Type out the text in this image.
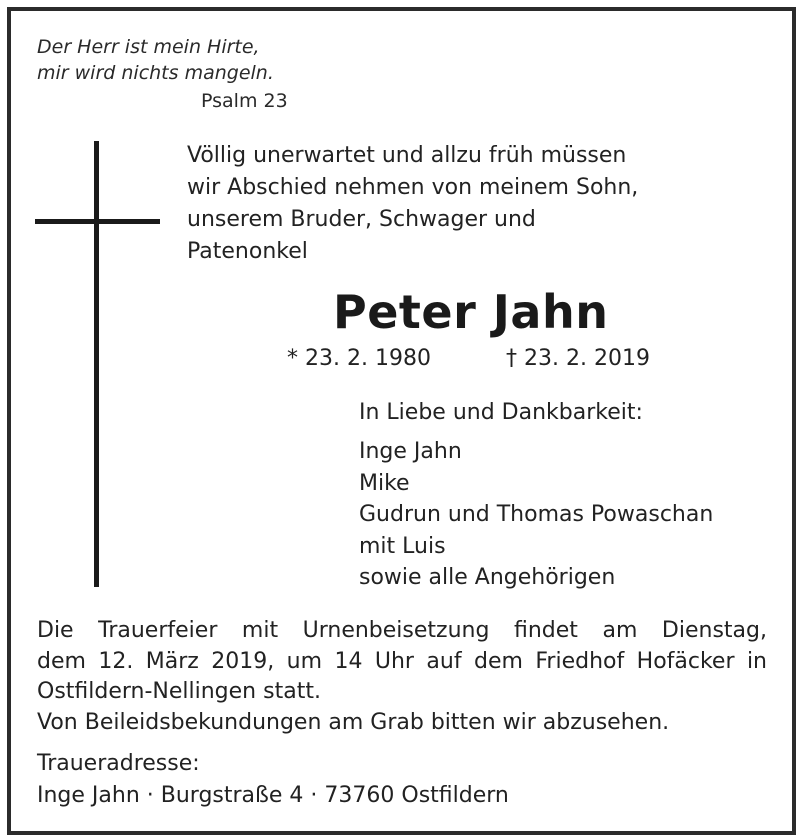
Der Herr ist mein Hirte,
mir wird nichts mangeln.
Psalm 23
Völlig unerwartet und allzu früh müssen
wir Abschied nehmen von meinem Sohn,
unserem Bruder, Schwager und
Patenonkel
Peter Jahn
* 23. 2. 1980	† 23. 2. 2019
In Liebe und Dankbarkeit:
Inge Jahn
Mike
Gudrun und Thomas Powaschan
mit Luis
sowie alle Angehörigen
Die Trauerfeier mit Urnenbeisetzung findet am Dienstag,
dem 12. März 2019, um 14 Uhr auf dem Friedhof Hofäcker in
Ostfildern-Nellingen statt.
Von Beileidsbekundungen am Grab bitten wir abzusehen.
Traueradresse:
Inge Jahn · Burgstraße 4 · 73760 Ostfildern
